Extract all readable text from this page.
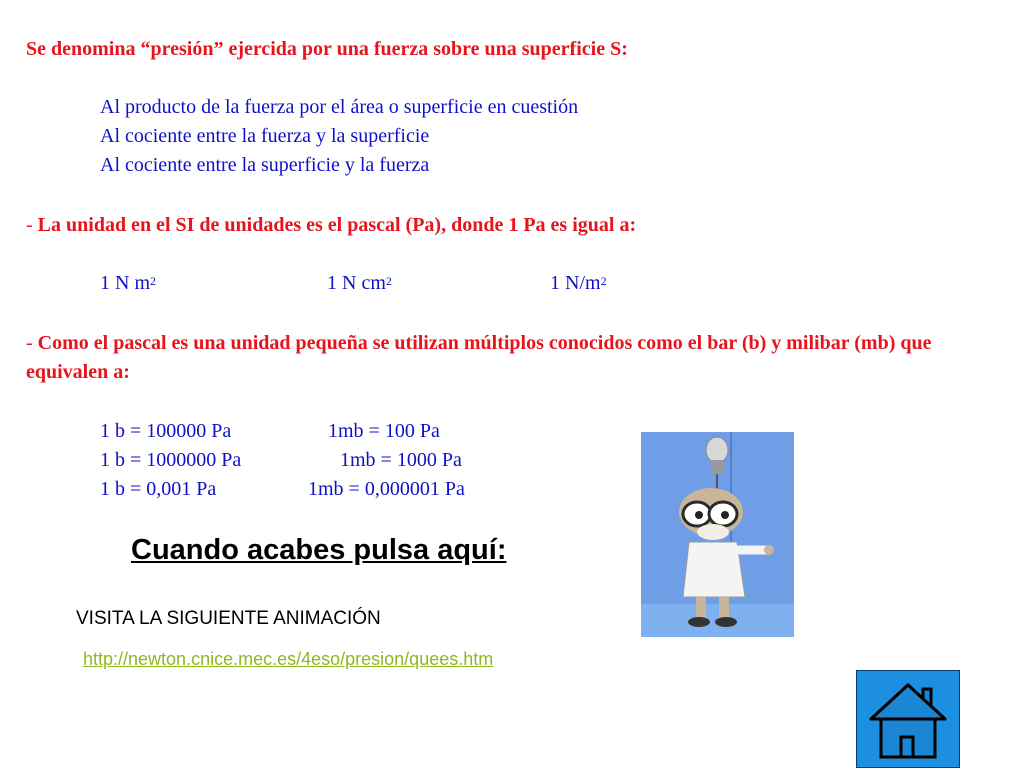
Se denomina “presión” ejercida por una fuerza sobre una superficie S:

Al producto de la fuerza por el área o superficie en cuestión
Al cociente entre la fuerza y la superficie
Al cociente entre la superficie y la fuerza

- La unidad en el SI de unidades es el pascal (Pa), donde 1 Pa es igual a:

1 N $m^2$	1 N $cm^2$	1 $N/m^2$

- Como el pascal es una unidad pequeña se utilizan múltiplos conocidos como el bar (b) y milibar (mb) que equivalen a:

1 b = 100000 Pa	1mb = 100 Pa
1 b = 1000000 Pa	1mb = 1000 Pa
1 b = 0,001 Pa	1mb = 0,000001 Pa
Cuando acabes pulsa aquí:
VISITA LA SIGUIENTE ANIMACIÓN
http://newton.cnice.mec.es/4eso/presion/quees.htm
